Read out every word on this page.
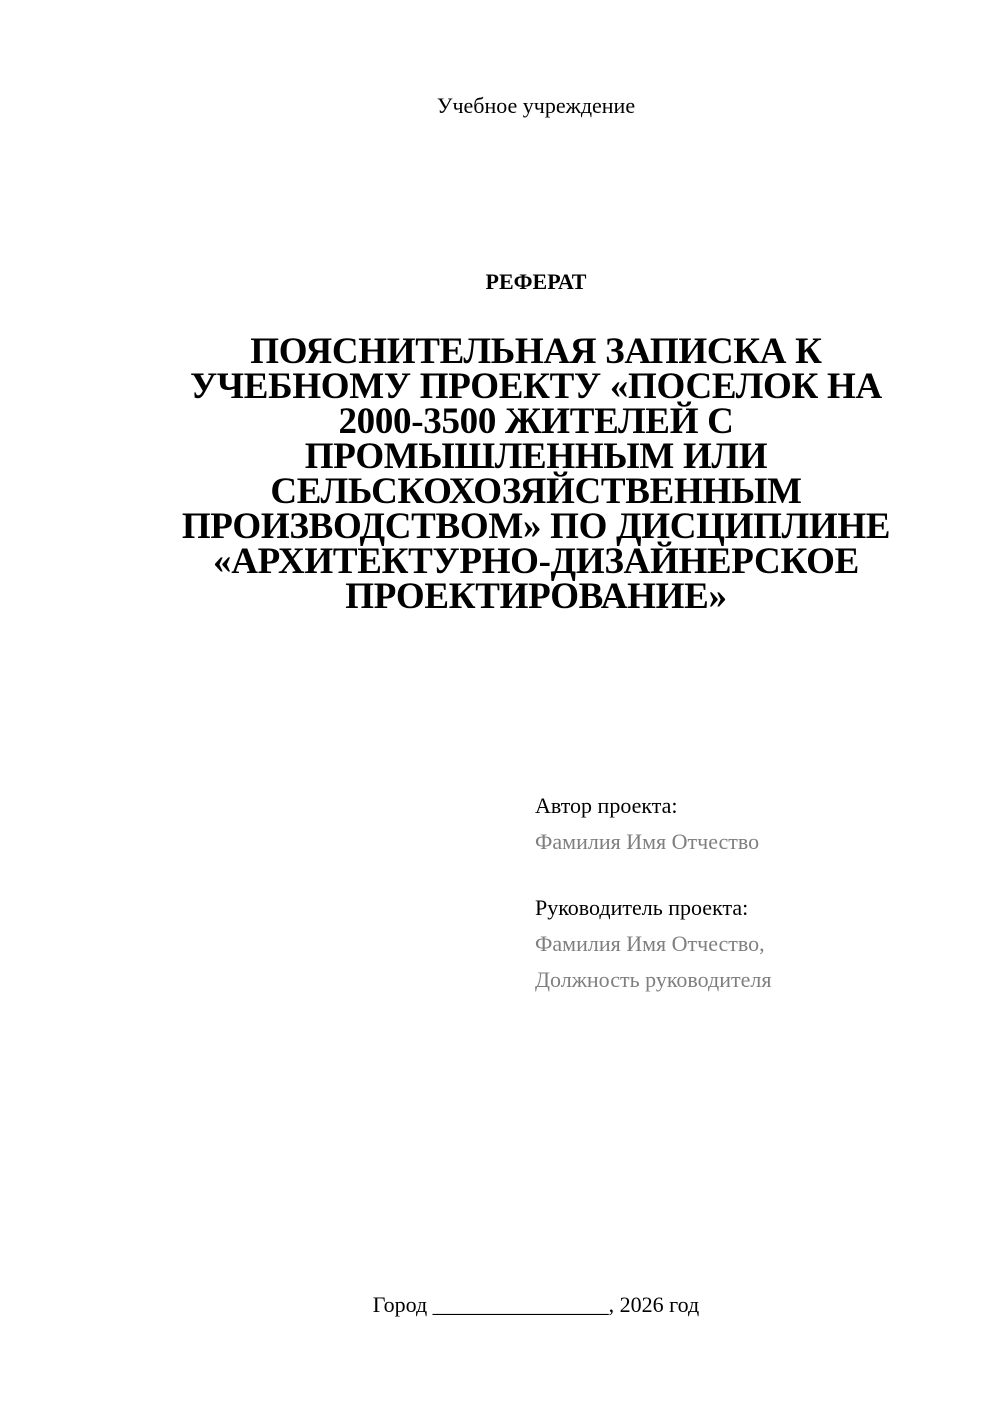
Учебное учреждение
РЕФЕРАТ
ПОЯСНИТЕЛЬНАЯ ЗАПИСКА К
УЧЕБНОМУ ПРОЕКТУ «ПОСЕЛОК НА
2000-3500 ЖИТЕЛЕЙ С
ПРОМЫШЛЕННЫМ ИЛИ
СЕЛЬСКОХОЗЯЙСТВЕННЫМ
ПРОИЗВОДСТВОМ» ПО ДИСЦИПЛИНЕ
«АРХИТЕКТУРНО-ДИЗАЙНЕРСКОЕ
ПРОЕКТИРОВАНИЕ»
Автор проекта:
Фамилия Имя Отчество
Руководитель проекта:
Фамилия Имя Отчество,
Должность руководителя
Город ________________, 2026 год
